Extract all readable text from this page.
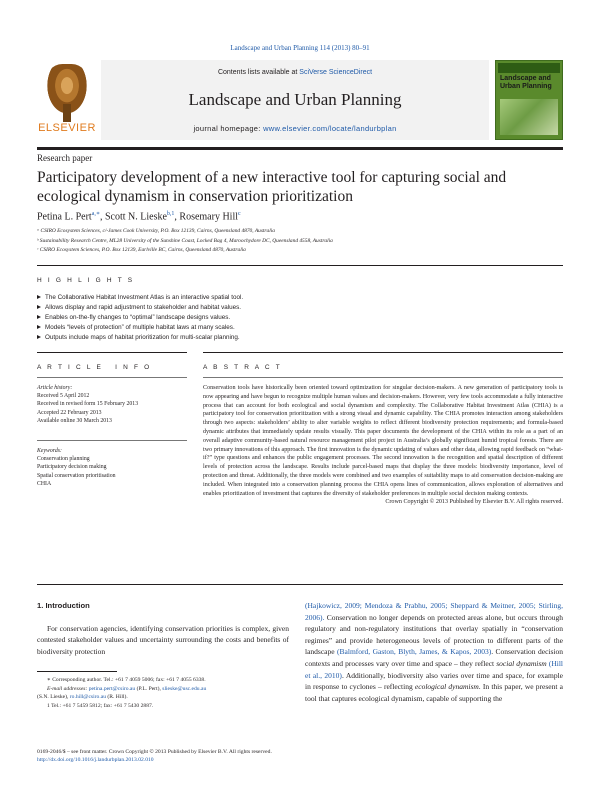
Landscape and Urban Planning 114 (2013) 80–91
ELSEVIER
Contents lists available at SciVerse ScienceDirect
Landscape and Urban Planning
journal homepage: www.elsevier.com/locate/landurbplan
Landscape and Urban Planning
Research paper
Participatory development of a new interactive tool for capturing social and ecological dynamism in conservation prioritization
Petina L. Pert$^{a,∗}$, Scott N. Lieske$^{b,1}$, Rosemary Hill$^c$
ᵃ CSIRO Ecosystem Sciences, c/-James Cook University, P.O. Box 12139, Cairns, Queensland 4870, Australia
ᵇ Sustainability Research Centre, ML28 University of the Sunshine Coast, Locked Bag 4, Maroochydore DC, Queensland 4558, Australia
ᶜ CSIRO Ecosystem Sciences, P.O. Box 12139, Earlville BC, Cairns, Queensland 4870, Australia
H I G H L I G H T S
The Collaborative Habitat Investment Atlas is an interactive spatial tool.
Allows display and rapid adjustment to stakeholder and habitat values.
Enables on-the-fly changes to “optimal” landscape designs values.
Models “levels of protection” of multiple habitat laws at many scales.
Outputs include maps of habitat prioritization for multi-scalar planning.
A R T I C L E   I N F O	A B S T R A C T
Article history:
Received 5 April 2012
Received in revised form 15 February 2013
Accepted 22 February 2013
Available online 30 March 2013
Keywords:
Conservation planning
Participatory decision making
Spatial conservation prioritisation
CHIA
Conservation tools have historically been oriented toward optimization for singular decision-makers. A new generation of participatory tools is now appearing and have begun to recognize multiple human values and decision-makers. However, very few tools accommodate a fully interactive process that can account for both ecological and social dynamism and complexity. The Collaborative Habitat Investment Atlas (CHIA) is a participatory tool for conservation prioritization with a strong visual and dynamic capability. The CHIA promotes interaction among stakeholders through two aspects: stakeholders’ ability to alter variable weights to reflect different biodiversity protection requirements; and formula-based dynamic attributes that immediately update results visually. This paper documents the development of the CHIA within its role as a part of an overall adaptive community-based natural resource management pilot project in Australia’s globally significant humid tropical forests. There are two primary innovations of this approach. The first innovation is the dynamic updating of values and other data, allowing rapid feedback on “what-if?” type questions and enhances the public engagement processes. The second innovation is the recognition and spatial description of different levels of protection across the landscape. Results include parcel-based maps that display the three models: biodiversity importance, level of protection and threat. Additionally, the three models were combined and two examples of suitability maps to aid conservation decision-making are included. When integrated into a conservation planning process the CHIA opens lines of communication, allows exploration of alternatives and enables prioritization of investment that captures the diversity of stakeholder preferences in multiple social decision making contexts.
Crown Copyright © 2013 Published by Elsevier B.V. All rights reserved.
1. Introduction
For conservation agencies, identifying conservation priorities is complex, given contested stakeholder values and uncertainty surrounding the costs and benefits of biodiversity protection
(Hajkowicz, 2009; Mendoza & Prabhu, 2005; Sheppard & Meitner, 2005; Stirling, 2006). Conservation no longer depends on protected areas alone, but occurs through regulatory and non-regulatory institutions that overlay spatially in “conservation regimes” and provide heterogeneous levels of protection to different parts of the landscape (Balmford, Gaston, Blyth, James, & Kapos, 2003). Conservation decision contexts and processes vary over time and space – they reflect social dynamism (Hill et al., 2010). Additionally, biodiversity also varies over time and space, for example in response to cyclones – reflecting ecological dynamism. In this paper, we present a tool that captures ecological dynamism, capable of supporting the
∗ Corresponding author. Tel.: +61 7 4059 5006; fax: +61 7 4055 6338.
E-mail addresses: petina.pert@csiro.au (P.L. Pert), slieske@usc.edu.au
(S.N. Lieske), ro.hill@csiro.au (R. Hill).
1 Tel.: +61 7 5459 5812; fax: +61 7 5430 2887.
0169-2046/$ – see front matter. Crown Copyright © 2013 Published by Elsevier B.V. All rights reserved.
http://dx.doi.org/10.1016/j.landurbplan.2013.02.010
